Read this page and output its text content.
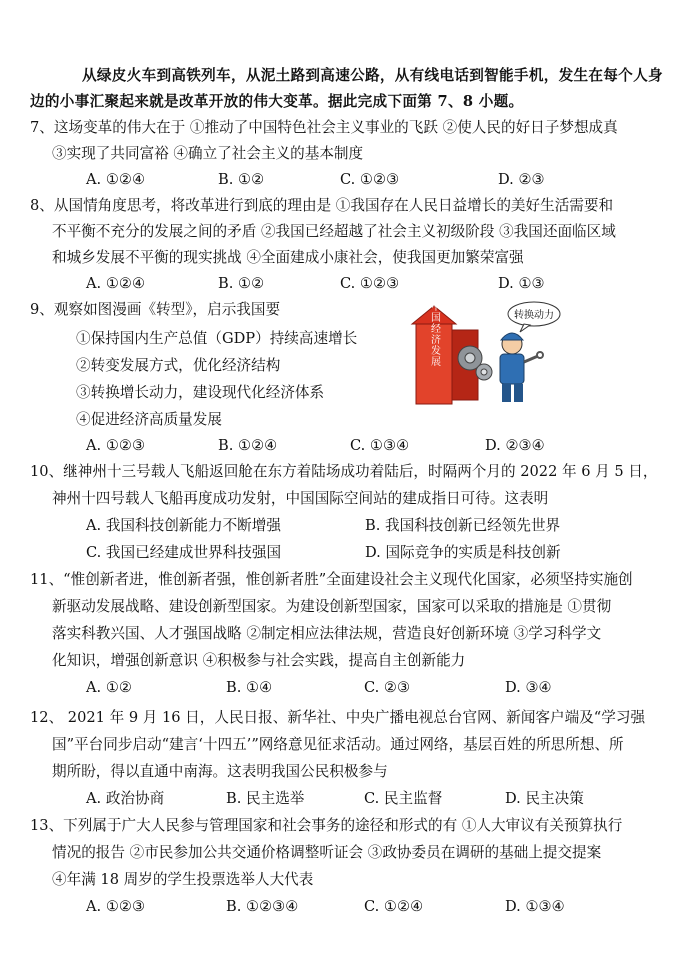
从绿皮火车到高铁列车，从泥土路到高速公路，从有线电话到智能手机，发生在每个人身
边的小事汇聚起来就是改革开放的伟大变革。据此完成下面第 7、8 小题。
7、这场变革的伟大在于 ①推动了中国特色社会主义事业的飞跃 ②使人民的好日子梦想成真
③实现了共同富裕 ④确立了社会主义的基本制度
A. ①②④	B. ①②	C. ①②③	D. ②③
8、从国情角度思考，将改革进行到底的理由是 ①我国存在人民日益增长的美好生活需要和
不平衡不充分的发展之间的矛盾 ②我国已经超越了社会主义初级阶段 ③我国还面临区域
和城乡发展不平衡的现实挑战 ④全面建成小康社会，使我国更加繁荣富强
A. ①②④	B. ①②	C. ①②③	D. ①③
9、观察如图漫画《转型》，启示我国要
①保持国内生产总值（GDP）持续高速增长
②转变发展方式，优化经济结构
③转换增长动力，建设现代化经济体系
④促进经济高质量发展
A. ①②③	B. ①②④	C. ①③④	D. ②③④
中国经济发展	转换动力
10、继神州十三号载人飞船返回舱在东方着陆场成功着陆后，时隔两个月的 2022 年 6 月 5 日，
神州十四号载人飞船再度成功发射，中国国际空间站的建成指日可待。这表明
A. 我国科技创新能力不断增强	B. 我国科技创新已经领先世界
C. 我国已经建成世界科技强国	D. 国际竞争的实质是科技创新
11、“惟创新者进，惟创新者强，惟创新者胜”全面建设社会主义现代化国家，必须坚持实施创
新驱动发展战略、建设创新型国家。为建设创新型国家，国家可以采取的措施是 ①贯彻
落实科教兴国、人才强国战略 ②制定相应法律法规，营造良好创新环境 ③学习科学文
化知识，增强创新意识 ④积极参与社会实践，提高自主创新能力
A. ①②	B. ①④	C. ②③	D. ③④
12、 2021 年 9 月 16 日，人民日报、新华社、中央广播电视总台官网、新闻客户端及“学习强
国”平台同步启动“建言‘十四五’”网络意见征求活动。通过网络，基层百姓的所思所想、所
期所盼，得以直通中南海。这表明我国公民积极参与
A. 政治协商	B. 民主选举	C. 民主监督	D. 民主决策
13、下列属于广大人民参与管理国家和社会事务的途径和形式的有 ①人大审议有关预算执行
情况的报告 ②市民参加公共交通价格调整听证会 ③政协委员在调研的基础上提交提案
④年满 18 周岁的学生投票选举人大代表
A. ①②③	B. ①②③④	C. ①②④	D. ①③④
